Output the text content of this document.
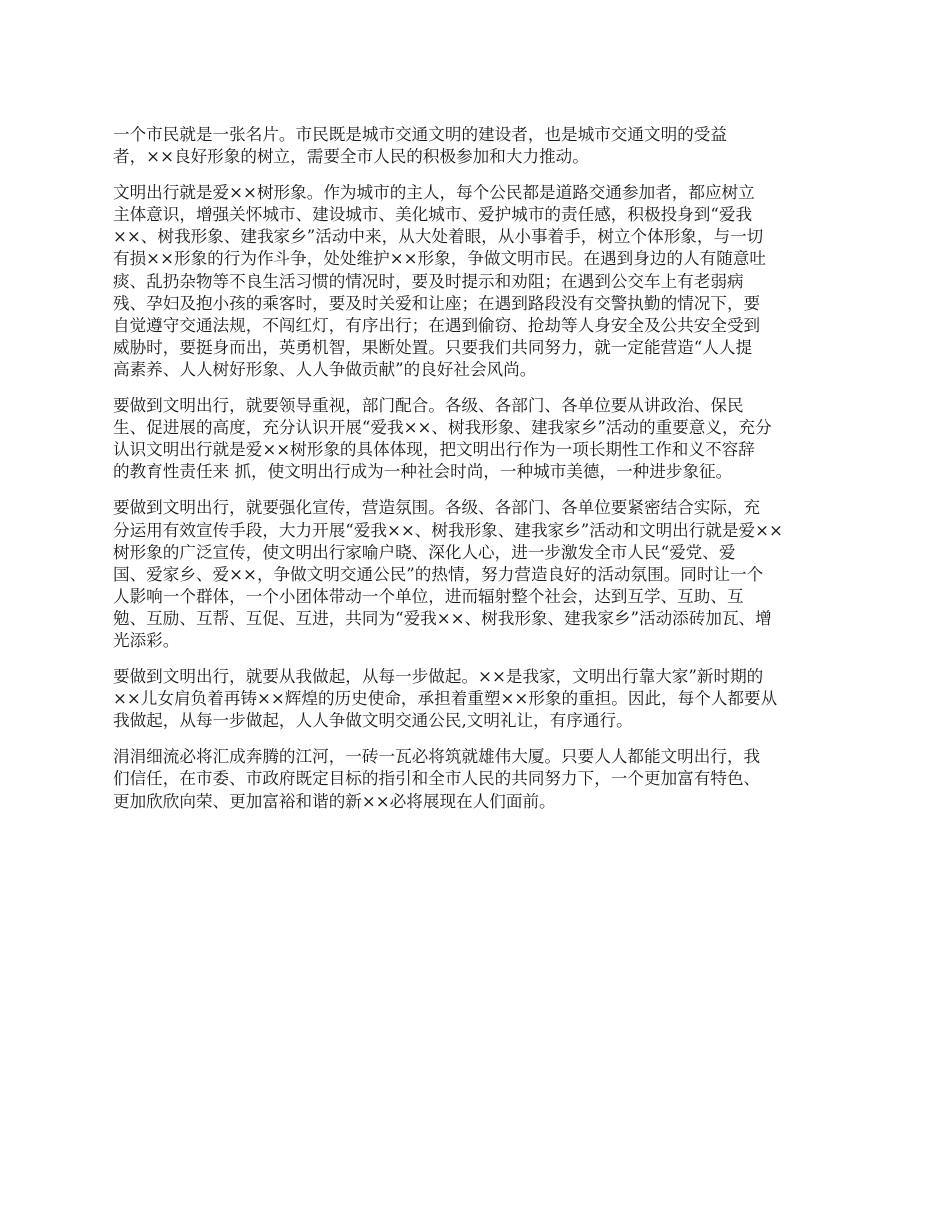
一个市民就是一张名片。市民既是城市交通文明的建设者，也是城市交通文明的受益
者，××良好形象的树立，需要全市人民的积极参加和大力推动。

文明出行就是爱××树形象。作为城市的主人，每个公民都是道路交通参加者，都应树立
主体意识，增强关怀城市、建设城市、美化城市、爱护城市的责任感，积极投身到“爱我
××、树我形象、建我家乡”活动中来，从大处着眼，从小事着手，树立个体形象，与一切
有损××形象的行为作斗争，处处维护××形象，争做文明市民。在遇到身边的人有随意吐
痰、乱扔杂物等不良生活习惯的情况时，要及时提示和劝阻；在遇到公交车上有老弱病
残、孕妇及抱小孩的乘客时，要及时关爱和让座；在遇到路段没有交警执勤的情况下，要
自觉遵守交通法规，不闯红灯，有序出行；在遇到偷窃、抢劫等人身安全及公共安全受到
威胁时，要挺身而出，英勇机智，果断处置。只要我们共同努力，就一定能营造“人人提
高素养、人人树好形象、人人争做贡献”的良好社会风尚。

要做到文明出行，就要领导重视，部门配合。各级、各部门、各单位要从讲政治、保民
生、促进展的高度，充分认识开展“爱我××、树我形象、建我家乡”活动的重要意义，充分
认识文明出行就是爱××树形象的具体体现，把文明出行作为一项长期性工作和义不容辞
的教育性责任来 抓，使文明出行成为一种社会时尚，一种城市美德，一种进步象征。

要做到文明出行，就要强化宣传，营造氛围。各级、各部门、各单位要紧密结合实际，充
分运用有效宣传手段，大力开展“爱我××、树我形象、建我家乡”活动和文明出行就是爱××
树形象的广泛宣传，使文明出行家喻户晓、深化人心，进一步激发全市人民“爱党、爱
国、爱家乡、爱××，争做文明交通公民”的热情，努力营造良好的活动氛围。同时让一个
人影响一个群体，一个小团体带动一个单位，进而辐射整个社会，达到互学、互助、互
勉、互励、互帮、互促、互进，共同为“爱我××、树我形象、建我家乡”活动添砖加瓦、增
光添彩。

要做到文明出行，就要从我做起，从每一步做起。××是我家，文明出行靠大家”新时期的
××儿女肩负着再铸××辉煌的历史使命，承担着重塑××形象的重担。因此，每个人都要从
我做起，从每一步做起，人人争做文明交通公民,文明礼让，有序通行。

涓涓细流必将汇成奔腾的江河，一砖一瓦必将筑就雄伟大厦。只要人人都能文明出行，我
们信任，在市委、市政府既定目标的指引和全市人民的共同努力下，一个更加富有特色、
更加欣欣向荣、更加富裕和谐的新××必将展现在人们面前。
